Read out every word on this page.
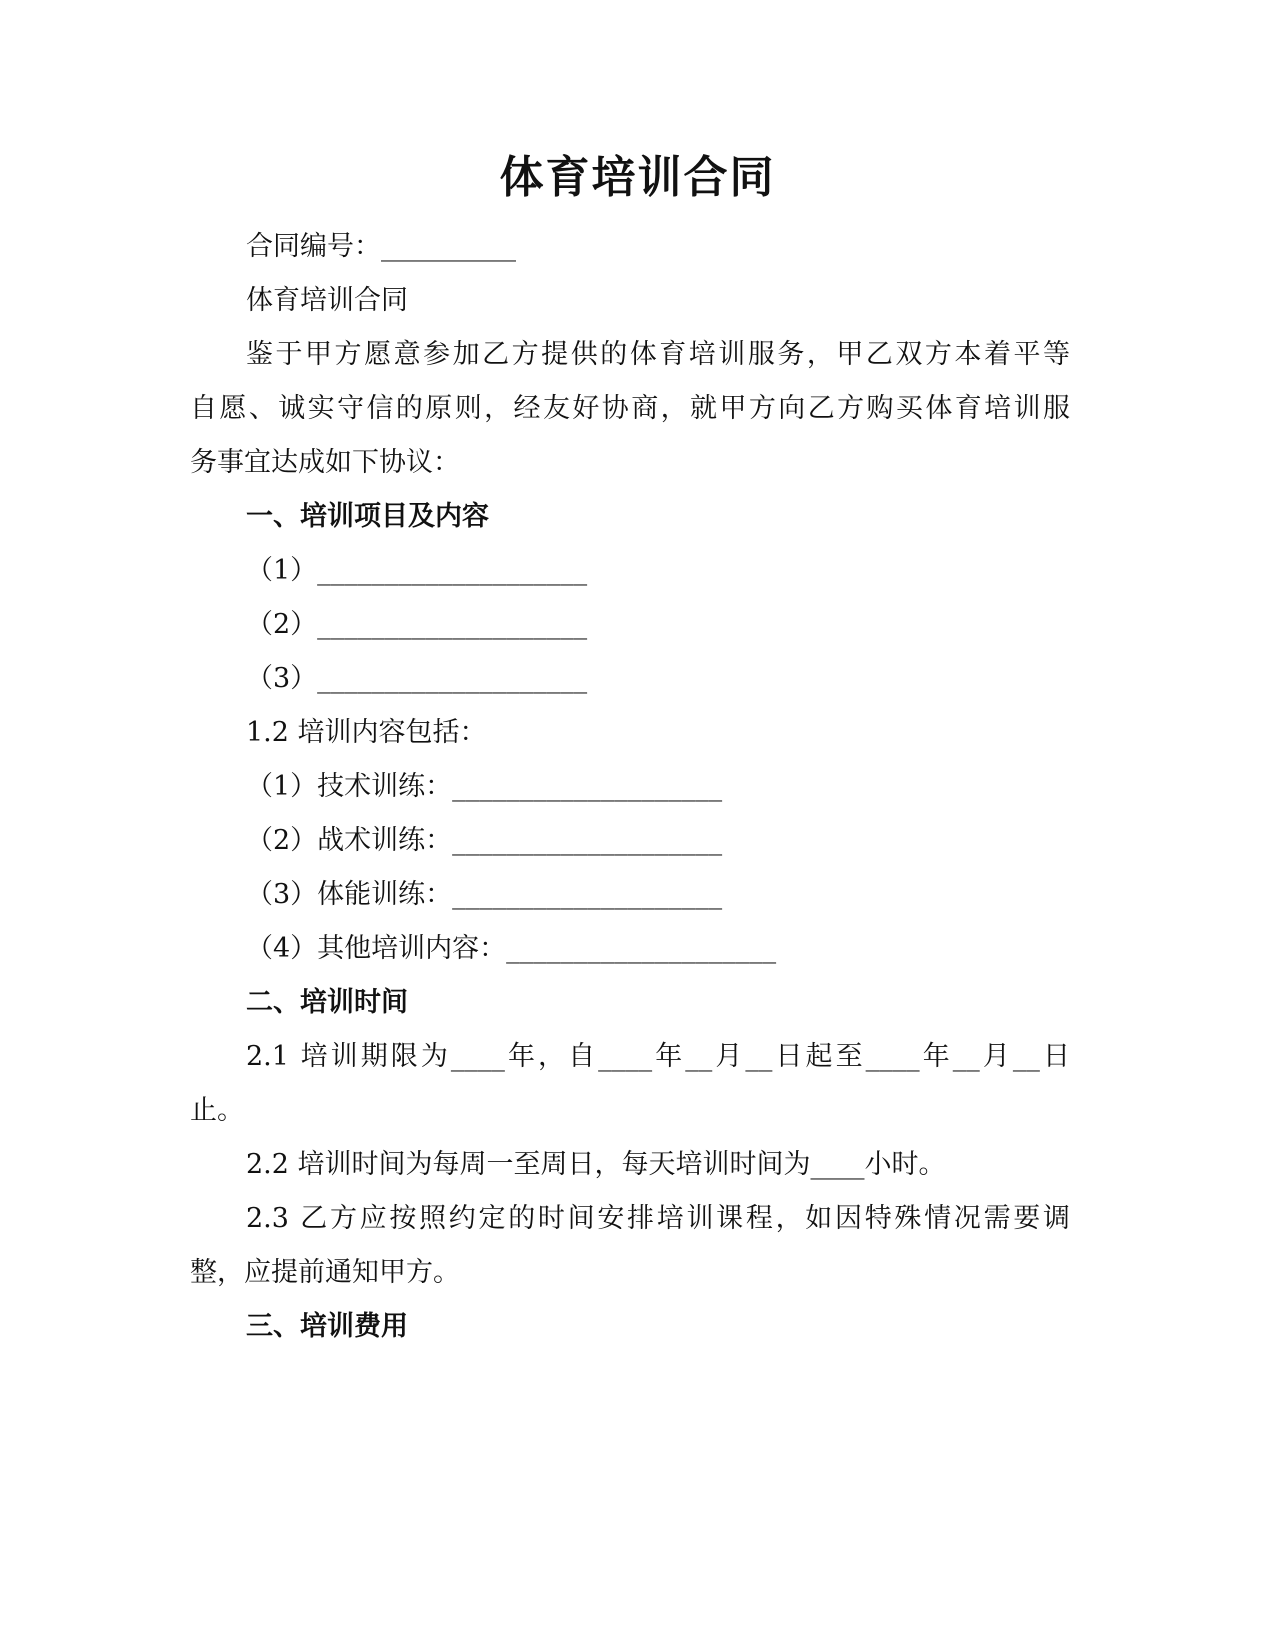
体育培训合同
合同编号：__________
体育培训合同
鉴于甲方愿意参加乙方提供的体育培训服务，甲乙双方本着平等
自愿、诚实守信的原则，经友好协商，就甲方向乙方购买体育培训服
务事宜达成如下协议：
一、培训项目及内容
（1）____________________
（2）____________________
（3）____________________
1.2 培训内容包括：
（1）技术训练：____________________
（2）战术训练：____________________
（3）体能训练：____________________
（4）其他培训内容：____________________
二、培训时间
2.1 培训期限为____年，自____年__月__日起至____年__月__日
止。
2.2 培训时间为每周一至周日，每天培训时间为____小时。
2.3 乙方应按照约定的时间安排培训课程，如因特殊情况需要调
整，应提前通知甲方。
三、培训费用
